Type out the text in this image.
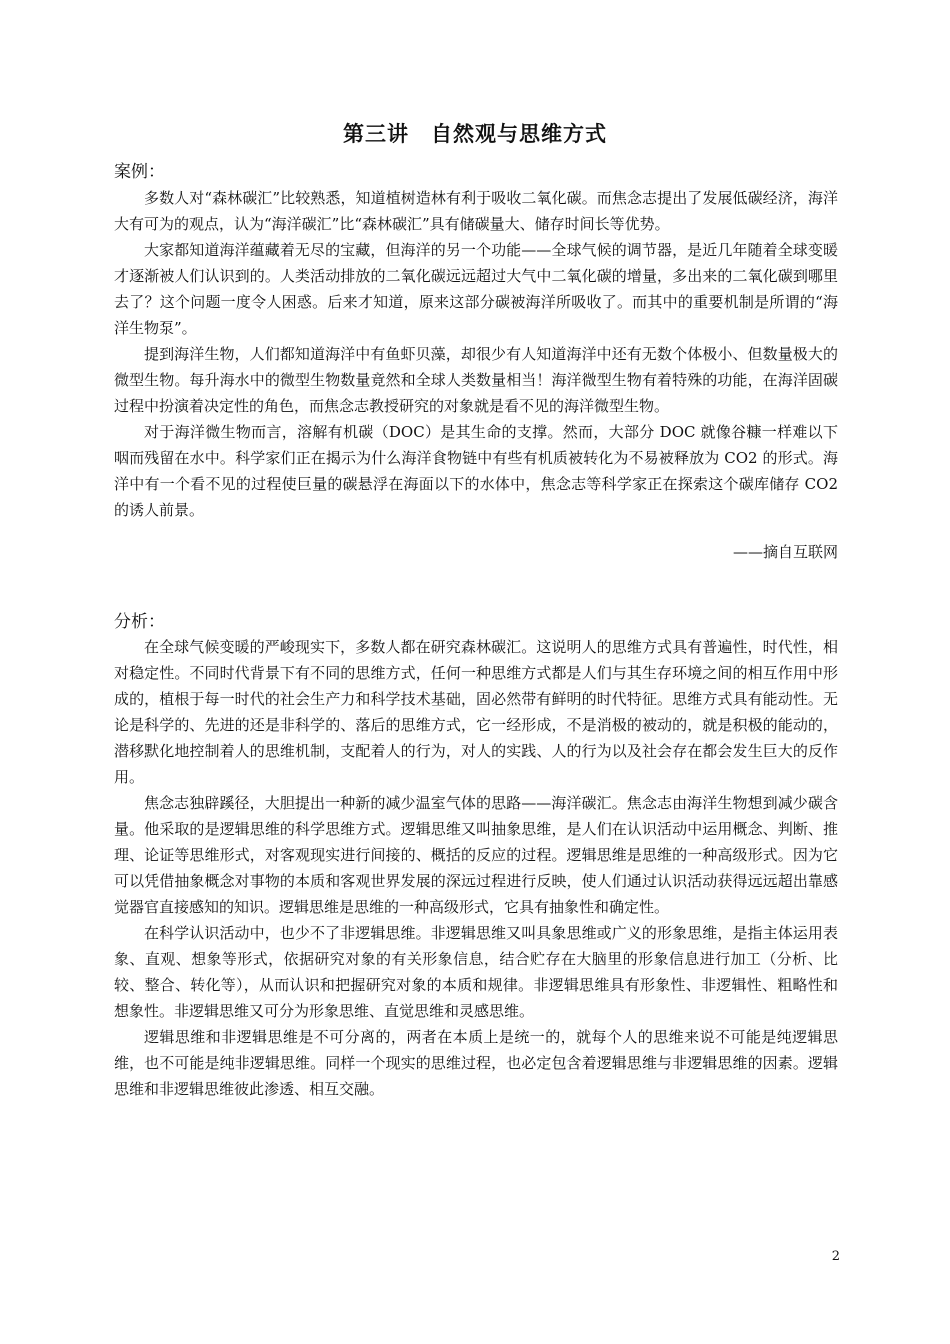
第三讲　自然观与思维方式
案例：

多数人对“森林碳汇”比较熟悉，知道植树造林有利于吸收二氧化碳。而焦念志提出了发展低碳经济，海洋大有可为的观点，认为“海洋碳汇”比“森林碳汇”具有储碳量大、储存时间长等优势。

大家都知道海洋蕴藏着无尽的宝藏，但海洋的另一个功能——全球气候的调节器，是近几年随着全球变暖才逐渐被人们认识到的。人类活动排放的二氧化碳远远超过大气中二氧化碳的增量，多出来的二氧化碳到哪里去了？这个问题一度令人困惑。后来才知道，原来这部分碳被海洋所吸收了。而其中的重要机制是所谓的“海洋生物泵”。

提到海洋生物，人们都知道海洋中有鱼虾贝藻，却很少有人知道海洋中还有无数个体极小、但数量极大的微型生物。每升海水中的微型生物数量竟然和全球人类数量相当！海洋微型生物有着特殊的功能，在海洋固碳过程中扮演着决定性的角色，而焦念志教授研究的对象就是看不见的海洋微型生物。

对于海洋微生物而言，溶解有机碳（DOC）是其生命的支撑。然而，大部分 DOC 就像谷糠一样难以下咽而残留在水中。科学家们正在揭示为什么海洋食物链中有些有机质被转化为不易被释放为 CO2 的形式。海洋中有一个看不见的过程使巨量的碳悬浮在海面以下的水体中，焦念志等科学家正在探索这个碳库储存 CO2 的诱人前景。

——摘自互联网
分析：

在全球气候变暖的严峻现实下，多数人都在研究森林碳汇。这说明人的思维方式具有普遍性，时代性，相对稳定性。不同时代背景下有不同的思维方式，任何一种思维方式都是人们与其生存环境之间的相互作用中形成的，植根于每一时代的社会生产力和科学技术基础，固必然带有鲜明的时代特征。思维方式具有能动性。无论是科学的、先进的还是非科学的、落后的思维方式，它一经形成，不是消极的被动的，就是积极的能动的，潜移默化地控制着人的思维机制，支配着人的行为，对人的实践、人的行为以及社会存在都会发生巨大的反作用。

焦念志独辟蹊径，大胆提出一种新的减少温室气体的思路——海洋碳汇。焦念志由海洋生物想到减少碳含量。他采取的是逻辑思维的科学思维方式。逻辑思维又叫抽象思维，是人们在认识活动中运用概念、判断、推理、论证等思维形式，对客观现实进行间接的、概括的反应的过程。逻辑思维是思维的一种高级形式。因为它可以凭借抽象概念对事物的本质和客观世界发展的深远过程进行反映，使人们通过认识活动获得远远超出靠感觉器官直接感知的知识。逻辑思维是思维的一种高级形式，它具有抽象性和确定性。

在科学认识活动中，也少不了非逻辑思维。非逻辑思维又叫具象思维或广义的形象思维，是指主体运用表象、直观、想象等形式，依据研究对象的有关形象信息，结合贮存在大脑里的形象信息进行加工（分析、比较、整合、转化等），从而认识和把握研究对象的本质和规律。非逻辑思维具有形象性、非逻辑性、粗略性和想象性。非逻辑思维又可分为形象思维、直觉思维和灵感思维。

逻辑思维和非逻辑思维是不可分离的，两者在本质上是统一的，就每个人的思维来说不可能是纯逻辑思维，也不可能是纯非逻辑思维。同样一个现实的思维过程，也必定包含着逻辑思维与非逻辑思维的因素。逻辑思维和非逻辑思维彼此渗透、相互交融。

2
